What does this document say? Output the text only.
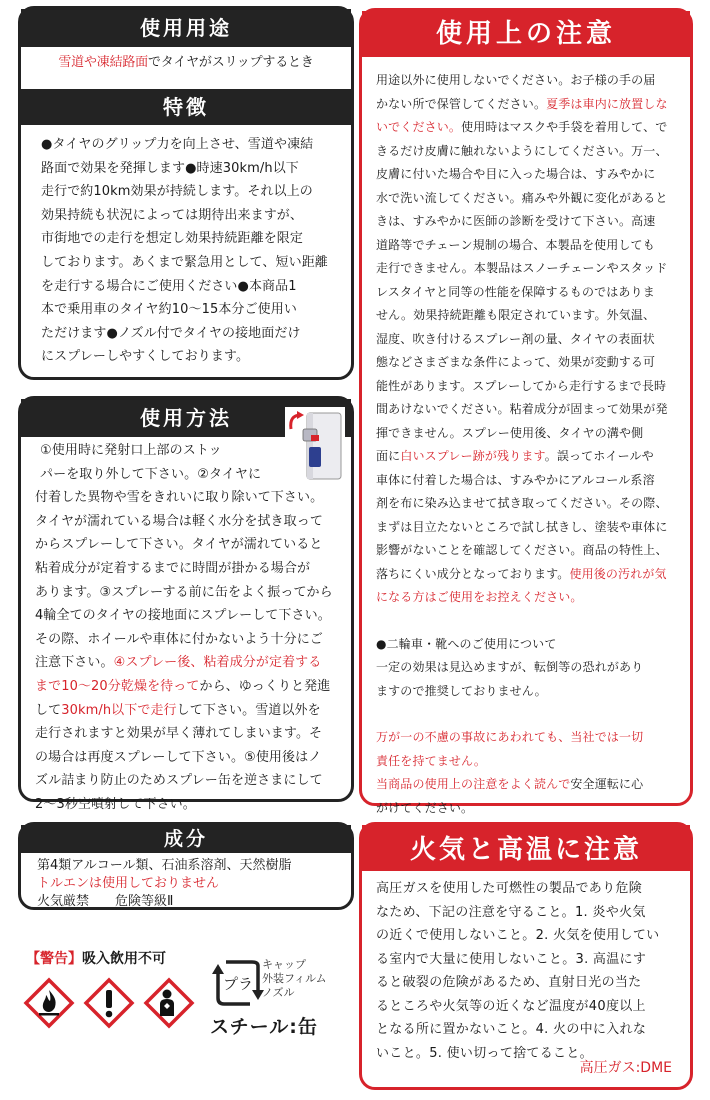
使用用途
雪道や凍結路面でタイヤがスリップするとき
特徴
●タイヤのグリップ力を向上させ、雪道や凍結
路面で効果を発揮します●時速30km/h以下
走行で約10km効果が持続します。それ以上の
効果持続も状況によっては期待出来ますが、
市街地での走行を想定し効果持続距離を限定
しております。あくまで緊急用として、短い距離
を走行する場合にご使用ください●本商品1
本で乗用車のタイヤ約10～15本分ご使用い
ただけます●ノズル付でタイヤの接地面だけ
にスプレーしやすくしております。
使用方法
①使用時に発射口上部のストッ
パーを取り外して下さい。②タイヤに
付着した異物や雪をきれいに取り除いて下さい。
タイヤが濡れている場合は軽く水分を拭き取って
からスプレーして下さい。タイヤが濡れていると
粘着成分が定着するまでに時間が掛かる場合が
あります。③スプレーする前に缶をよく振ってから
4輪全てのタイヤの接地面にスプレーして下さい。
その際、ホイールや車体に付かないよう十分にご
注意下さい。④スプレー後、粘着成分が定着する
まで10～20分乾燥を待ってから、ゆっくりと発進
して30km/h以下で走行して下さい。雪道以外を
走行されますと効果が早く薄れてしまいます。そ
の場合は再度スプレーして下さい。⑤使用後はノ
ズル詰まり防止のためスプレー缶を逆さまにして
2～3秒空噴射して下さい。
成分
第4類アルコール類、石油系溶剤、天然樹脂
トルエンは使用しておりません
火気厳禁　　危険等級Ⅱ
【警告】吸入飲用不可
プラ
キャップ
外装フィルム
ノズル
スチール:缶
使用上の注意
用途以外に使用しないでください。お子様の手の届
かない所で保管してください。夏季は車内に放置しな
いでください。使用時はマスクや手袋を着用して、で
きるだけ皮膚に触れないようにしてください。万一、
皮膚に付いた場合や目に入った場合は、すみやかに
水で洗い流してください。痛みや外観に変化があると
きは、すみやかに医師の診断を受けて下さい。高速
道路等でチェーン規制の場合、本製品を使用しても
走行できません。本製品はスノーチェーンやスタッド
レスタイヤと同等の性能を保障するものではありま
せん。効果持続距離も限定されています。外気温、
湿度、吹き付けるスプレー剤の量、タイヤの表面状
態などさまざまな条件によって、効果が変動する可
能性があります。スプレーしてから走行するまで長時
間あけないでください。粘着成分が固まって効果が発
揮できません。スプレー使用後、タイヤの溝や側
面に白いスプレー跡が残ります。誤ってホイールや
車体に付着した場合は、すみやかにアルコール系溶
剤を布に染み込ませて拭き取ってください。その際、
まずは目立たないところで試し拭きし、塗装や車体に
影響がないことを確認してください。商品の特性上、
落ちにくい成分となっております。使用後の汚れが気
になる方はご使用をお控えください。
●二輪車・靴へのご使用について
一定の効果は見込めますが、転倒等の恐れがあり
ますので推奨しておりません。
万が一の不慮の事故にあわれても、当社では一切
責任を持てません。
当商品の使用上の注意をよく読んで安全運転に心
がけてください。
火気と高温に注意
高圧ガスを使用した可燃性の製品であり危険
なため、下記の注意を守ること。1. 炎や火気
の近くで使用しないこと。2. 火気を使用してい
る室内で大量に使用しないこと。3. 高温にす
ると破裂の危険があるため、直射日光の当た
るところや火気等の近くなど温度が40度以上
となる所に置かないこと。4. 火の中に入れな
いこと。5. 使い切って捨てること。
高圧ガス:DME
